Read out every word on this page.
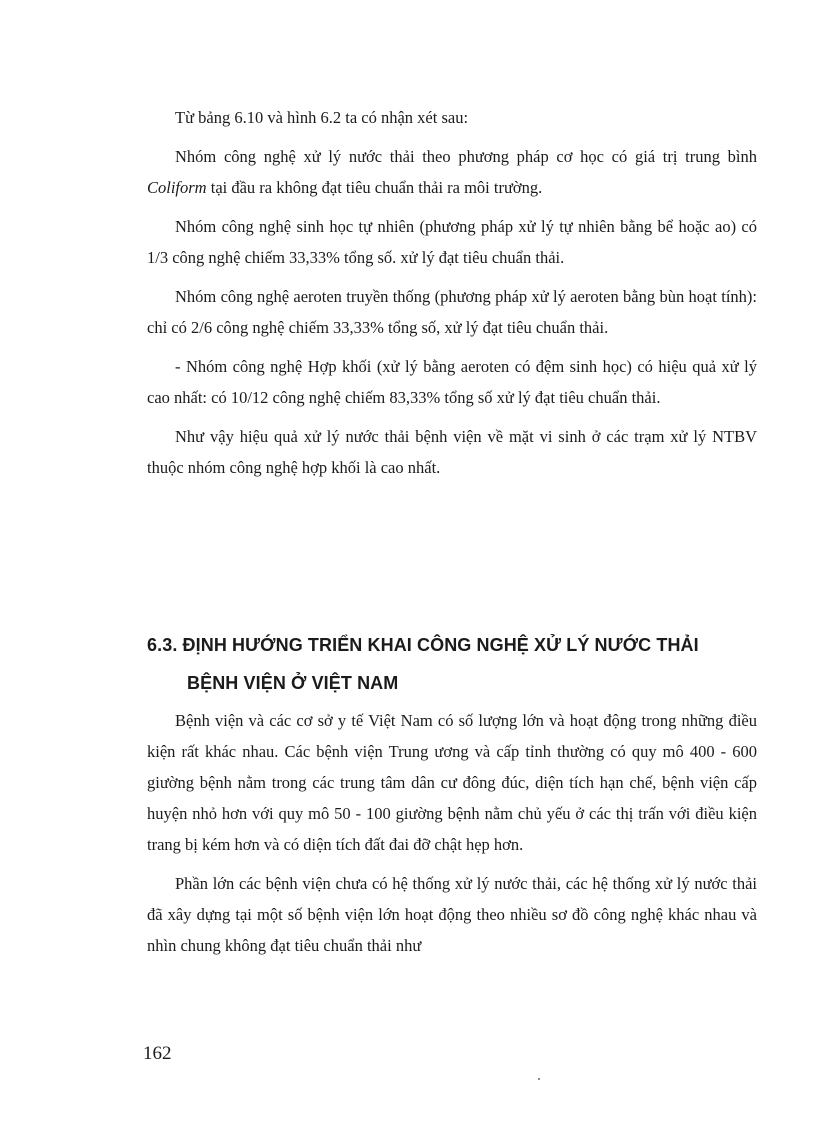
Từ bảng 6.10 và hình 6.2 ta có nhận xét sau:

Nhóm công nghệ xử lý nước thải theo phương pháp cơ học có giá trị trung bình Coliform tại đầu ra không đạt tiêu chuẩn thải ra môi trường.

Nhóm công nghệ sinh học tự nhiên (phương pháp xử lý tự nhiên bằng bể hoặc ao) có 1/3 công nghệ chiếm 33,33% tổng số. xử lý đạt tiêu chuẩn thải.

Nhóm công nghệ aeroten truyền thống (phương pháp xử lý aeroten bằng bùn hoạt tính): chỉ có 2/6 công nghệ chiếm 33,33% tổng số, xử lý đạt tiêu chuẩn thải.

- Nhóm công nghệ Hợp khối (xử lý bằng aeroten có đệm sinh học) có hiệu quả xử lý cao nhất: có 10/12 công nghệ chiếm 83,33% tổng số xử lý đạt tiêu chuẩn thải.

Như vậy hiệu quả xử lý nước thải bệnh viện về mặt vi sinh ở các trạm xử lý NTBV thuộc nhóm công nghệ hợp khối là cao nhất.

6.3. ĐỊNH HƯỚNG TRIỂN KHAI CÔNG NGHỆ XỬ LÝ NƯỚC THẢI
BỆNH VIỆN Ở VIỆT NAM

Bệnh viện và các cơ sở y tế Việt Nam có số lượng lớn và hoạt động trong những điều kiện rất khác nhau. Các bệnh viện Trung ương và cấp tỉnh thường có quy mô 400 - 600 giường bệnh nằm trong các trung tâm dân cư đông đúc, diện tích hạn chế, bệnh viện cấp huyện nhỏ hơn với quy mô 50 - 100 giường bệnh nằm chủ yếu ở các thị trấn với điều kiện trang bị kém hơn và có diện tích đất đai đỡ chật hẹp hơn.

Phần lớn các bệnh viện chưa có hệ thống xử lý nước thải, các hệ thống xử lý nước thải đã xây dựng tại một số bệnh viện lớn hoạt động theo nhiều sơ đồ công nghệ khác nhau và nhìn chung không đạt tiêu chuẩn thải như

162
